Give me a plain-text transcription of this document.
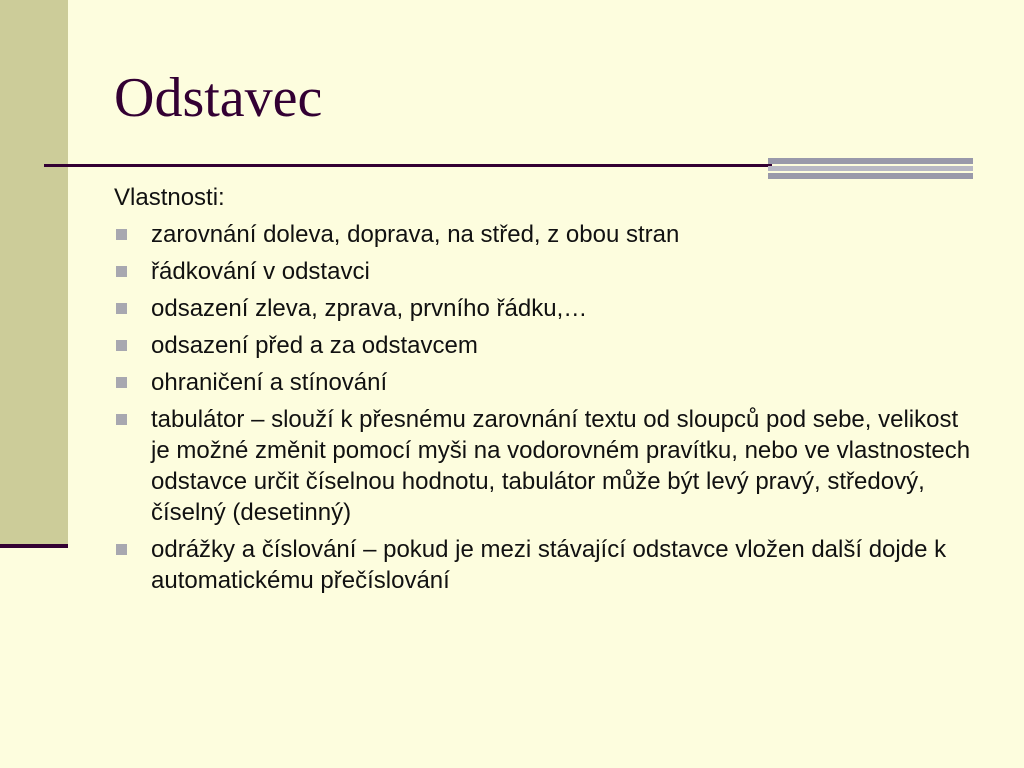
Odstavec

Vlastnosti:

zarovnání doleva, doprava, na střed, z obou stran
řádkování v odstavci
odsazení zleva, zprava, prvního řádku,…
odsazení před a za odstavcem
ohraničení a stínování
tabulátor – slouží k přesnému zarovnání textu od sloupců pod sebe, velikost je možné změnit pomocí myši na vodorovném pravítku, nebo ve vlastnostech odstavce určit číselnou hodnotu, tabulátor může být levý pravý, středový, číselný (desetinný)
odrážky a číslování – pokud je mezi stávající odstavce vložen další dojde k automatickému přečíslování
